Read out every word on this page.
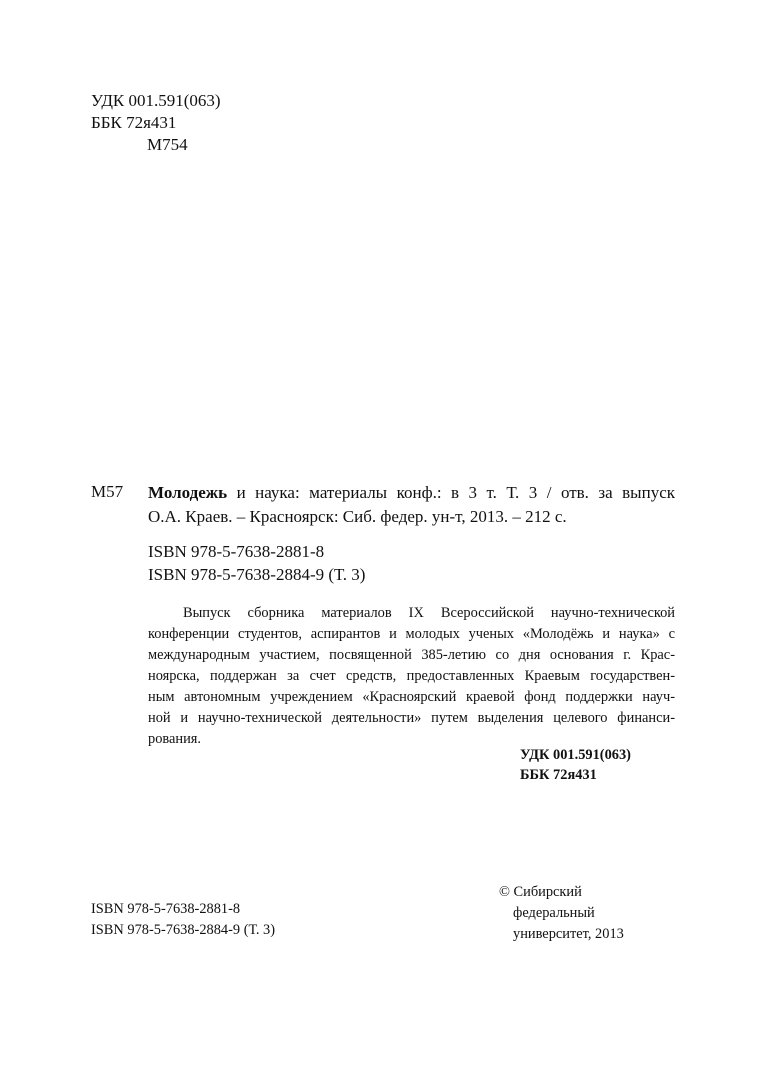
УДК 001.591(063)
ББК 72я431
М754
М57 Молодежь и наука: материалы конф.: в 3 т. Т. 3 / отв. за выпуск
О.А. Краев. – Красноярск: Сиб. федер. ун-т, 2013. – 212 с.
ISBN 978-5-7638-2881-8
ISBN 978-5-7638-2884-9 (Т. 3)
Выпуск сборника материалов IX Всероссийской научно-технической
конференции студентов, аспирантов и молодых ученых «Молодёжь и наука» с
международным участием, посвященной 385-летию со дня основания г. Крас-
ноярска, поддержан за счет средств, предоставленных Краевым государствен-
ным автономным учреждением «Красноярский краевой фонд поддержки науч-
ной и научно-технической деятельности» путем выделения целевого финанси-
рования.
УДК 001.591(063)
ББК 72я431
© Сибирский
федеральный
университет, 2013
ISBN 978-5-7638-2881-8
ISBN 978-5-7638-2884-9 (Т. 3)
